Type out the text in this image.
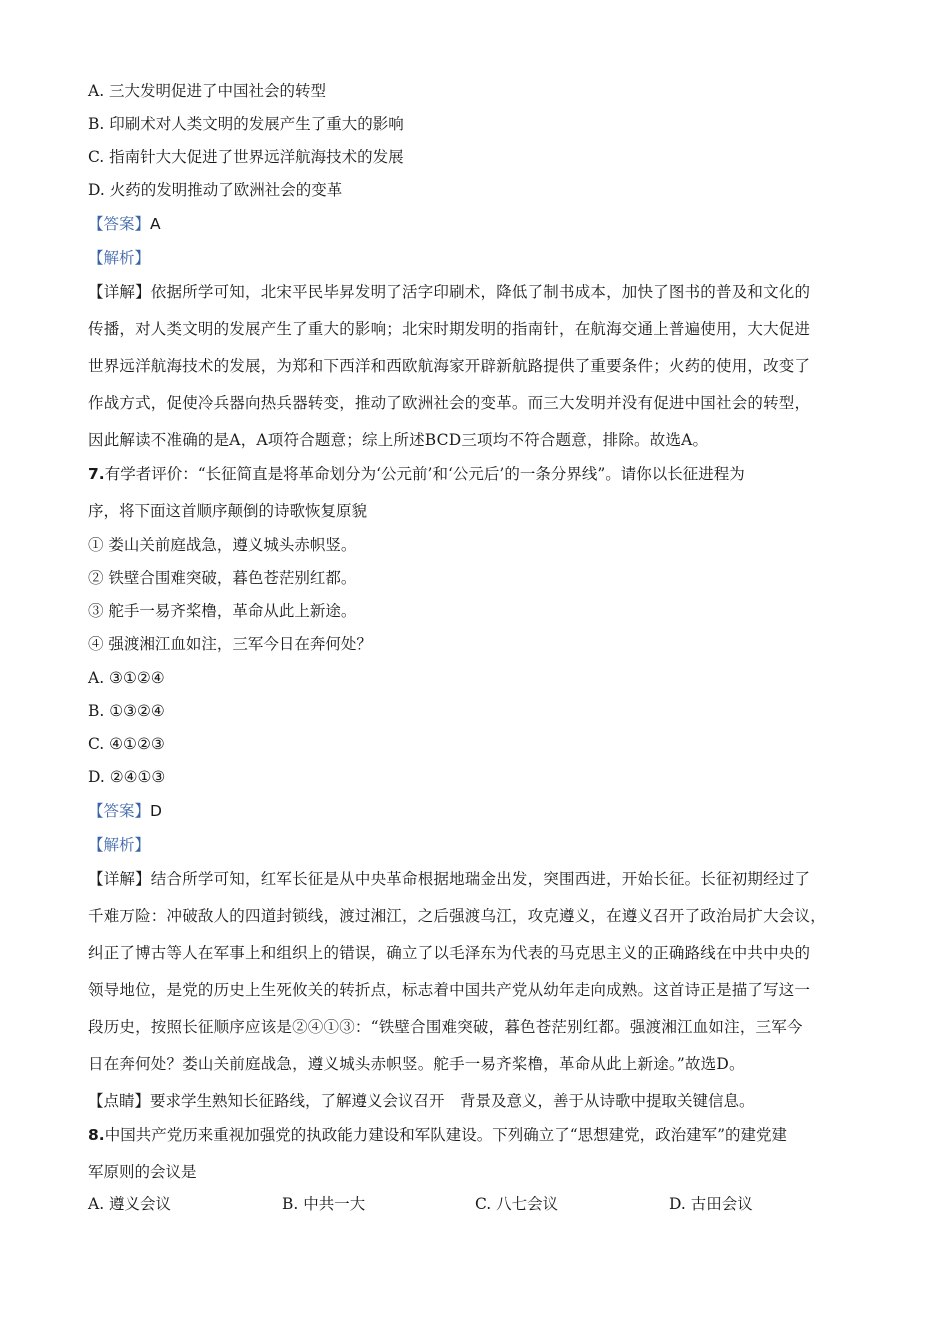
A. 三大发明促进了中国社会的转型
B. 印刷术对人类文明的发展产生了重大的影响
C. 指南针大大促进了世界远洋航海技术的发展
D. 火药的发明推动了欧洲社会的变革
【答案】A
【解析】
【详解】依据所学可知，北宋平民毕昇发明了活字印刷术，降低了制书成本，加快了图书的普及和文化的
传播，对人类文明的发展产生了重大的影响；北宋时期发明的指南针，在航海交通上普遍使用，大大促进
世界远洋航海技术的发展，为郑和下西洋和西欧航海家开辟新航路提供了重要条件；火药的使用，改变了
作战方式，促使冷兵器向热兵器转变，推动了欧洲社会的变革。而三大发明并没有促进中国社会的转型，
因此解读不准确的是A，A项符合题意；综上所述BCD三项均不符合题意，排除。故选A。
7.有学者评价：“长征简直是将革命划分为‘公元前’和‘公元后’的一条分界线”。请你以长征进程为
序，将下面这首顺序颠倒的诗歌恢复原貌
① 娄山关前庭战急，遵义城头赤帜竖。
② 铁壁合围难突破，暮色苍茫别红都。
③ 舵手一易齐桨橹，革命从此上新途。
④ 强渡湘江血如注，三军今日在奔何处？
A. ③①②④
B. ①③②④
C. ④①②③
D. ②④①③
【答案】D
【解析】
【详解】结合所学可知，红军长征是从中央革命根据地瑞金出发，突围西进，开始长征。长征初期经过了
千难万险：冲破敌人的四道封锁线，渡过湘江，之后强渡乌江，攻克遵义，在遵义召开了政治局扩大会议，
纠正了博古等人在军事上和组织上的错误，确立了以毛泽东为代表的马克思主义的正确路线在中共中央的
领导地位，是党的历史上生死攸关的转折点，标志着中国共产党从幼年走向成熟。这首诗正是描了写这一
段历史，按照长征顺序应该是②④①③：“铁壁合围难突破，暮色苍茫别红都。强渡湘江血如注，三军今
日在奔何处？娄山关前庭战急，遵义城头赤帜竖。舵手一易齐桨橹，革命从此上新途。”故选D。
【点睛】要求学生熟知长征路线，了解遵义会议召开　背景及意义，善于从诗歌中提取关键信息。
8.中国共产党历来重视加强党的执政能力建设和军队建设。下列确立了“思想建党，政治建军”的建党建
军原则的会议是
A. 遵义会议	B. 中共一大	C. 八七会议	D. 古田会议
